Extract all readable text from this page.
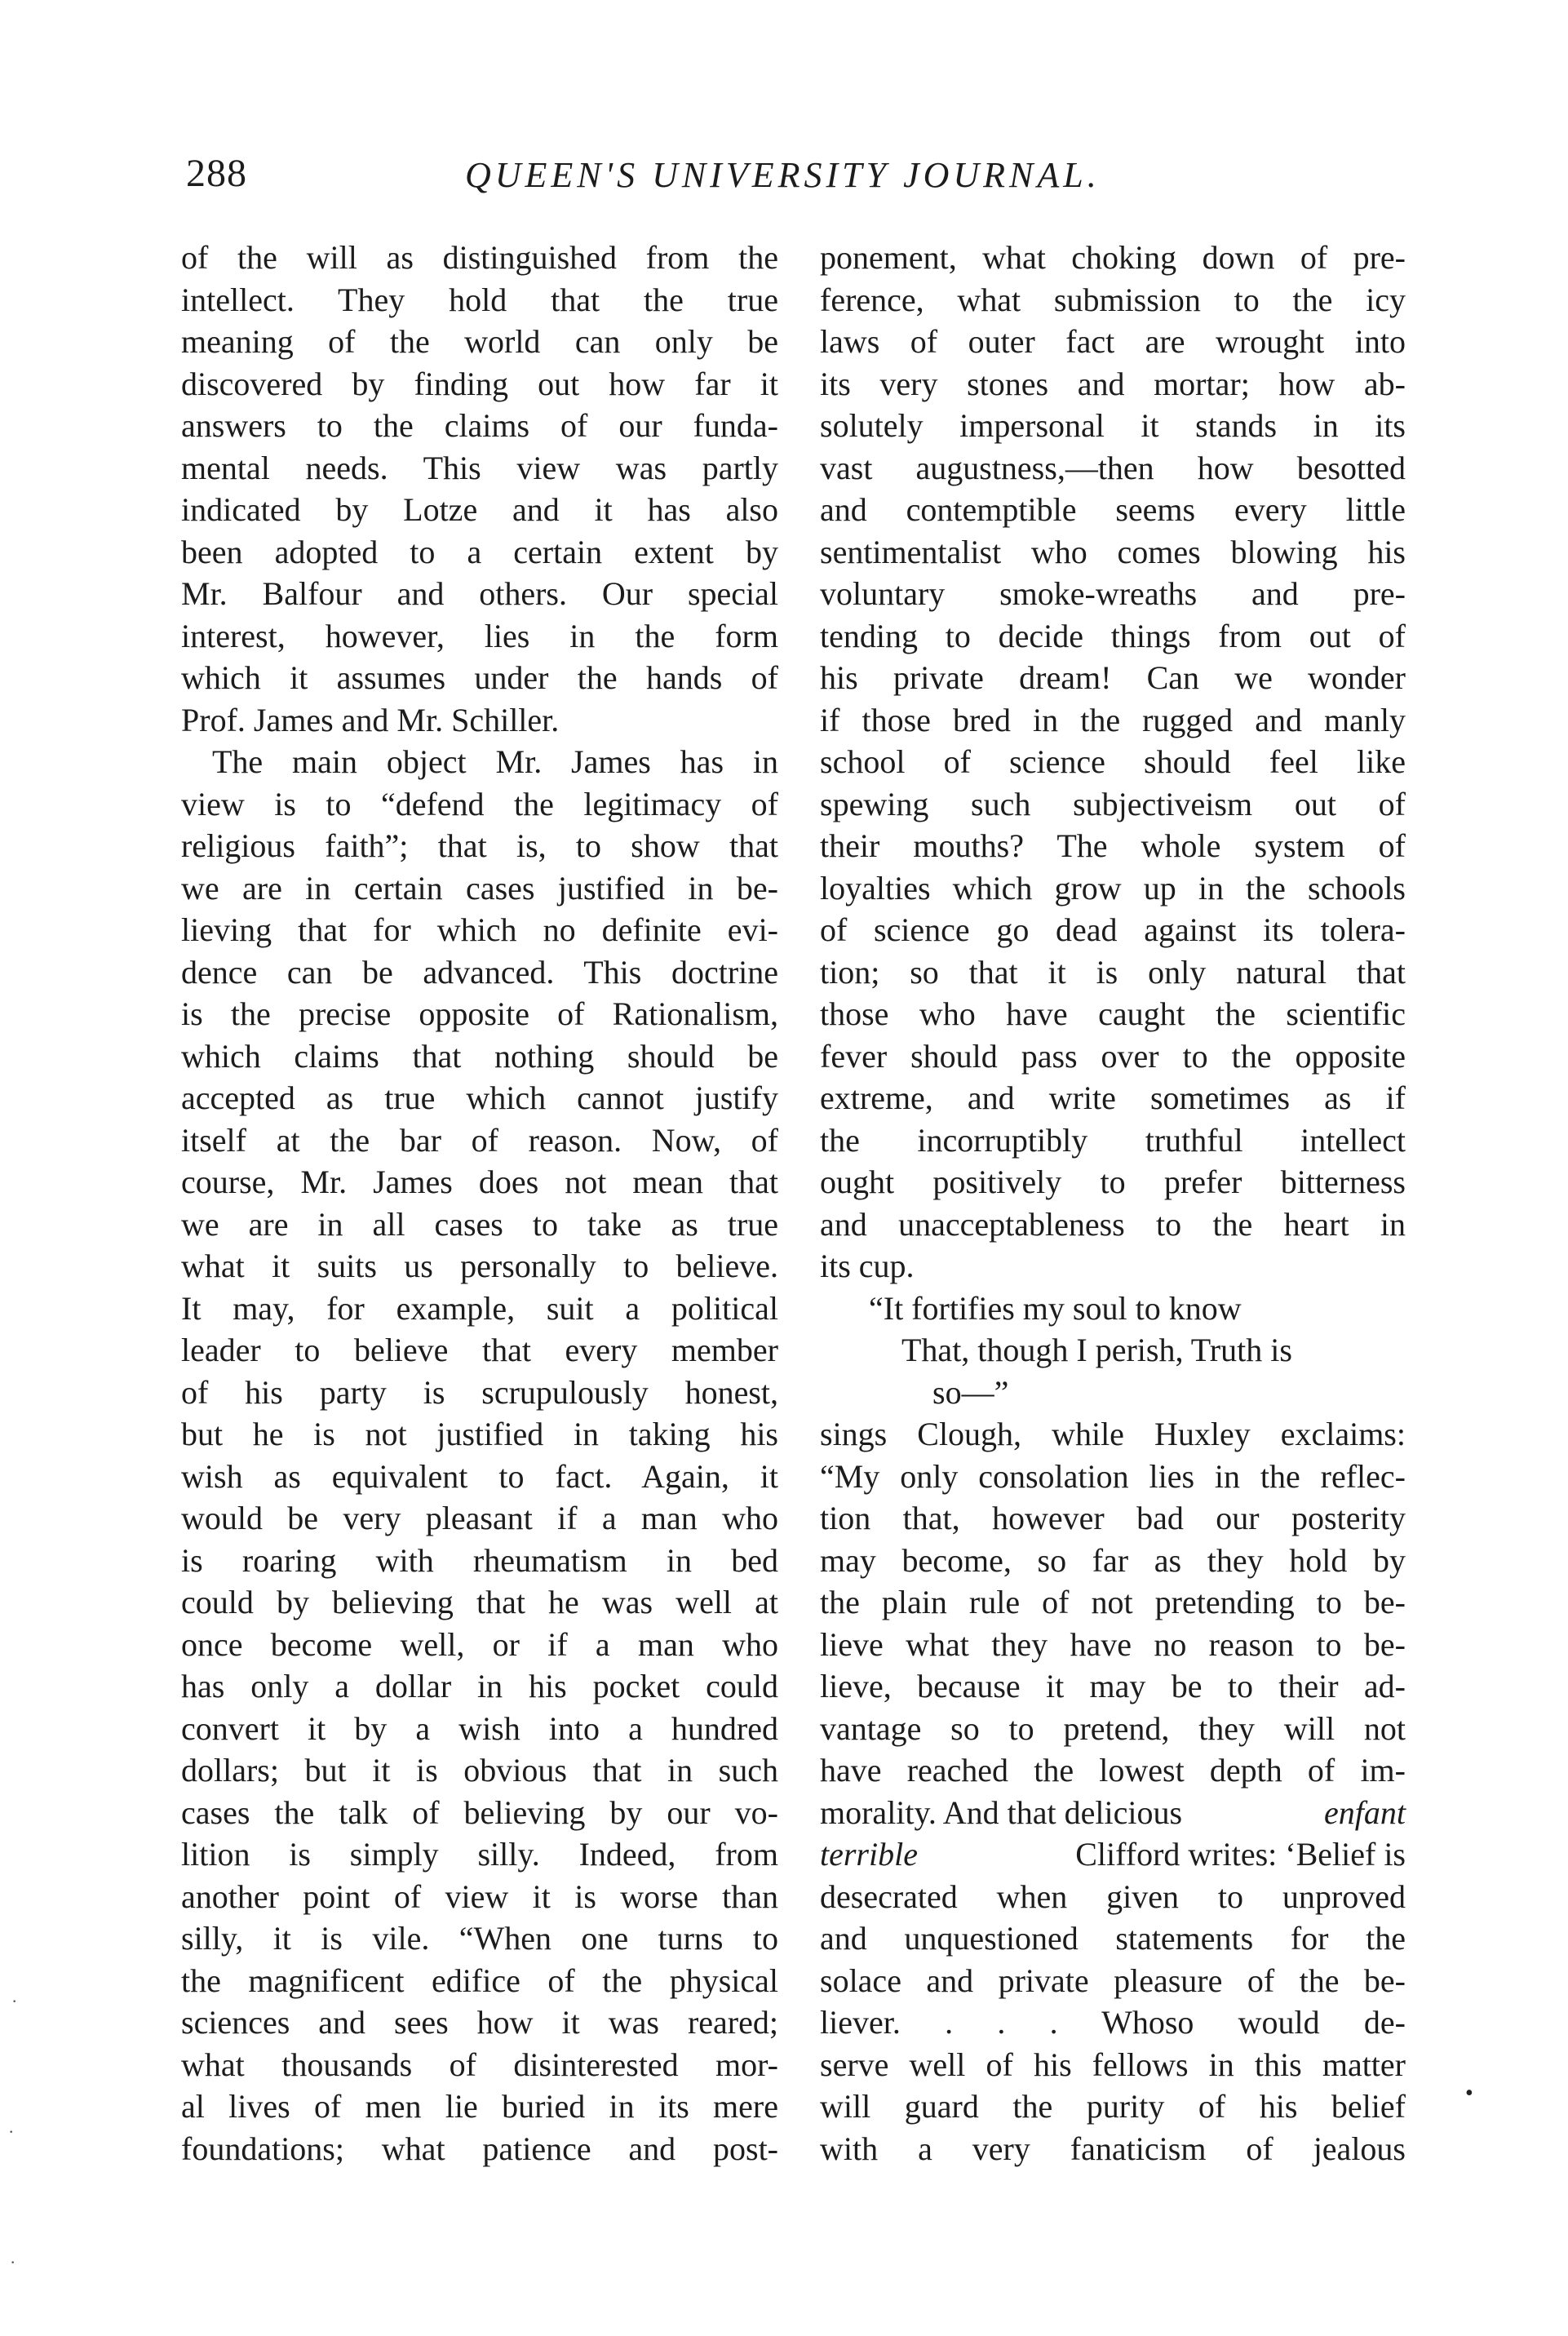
288	QUEEN'S UNIVERSITY JOURNAL.
of the will as distinguished from the
intellect. They hold that the true
meaning of the world can only be
discovered by finding out how far it
answers to the claims of our funda-
mental needs. This view was partly
indicated by Lotze and it has also
been adopted to a certain extent by
Mr. Balfour and others. Our special
interest, however, lies in the form
which it assumes under the hands of
Prof. James and Mr. Schiller.
The main object Mr. James has in
view is to “defend the legitimacy of
religious faith”; that is, to show that
we are in certain cases justified in be-
lieving that for which no definite evi-
dence can be advanced. This doctrine
is the precise opposite of Rationalism,
which claims that nothing should be
accepted as true which cannot justify
itself at the bar of reason. Now, of
course, Mr. James does not mean that
we are in all cases to take as true
what it suits us personally to believe.
It may, for example, suit a political
leader to believe that every member
of his party is scrupulously honest,
but he is not justified in taking his
wish as equivalent to fact. Again, it
would be very pleasant if a man who
is roaring with rheumatism in bed
could by believing that he was well at
once become well, or if a man who
has only a dollar in his pocket could
convert it by a wish into a hundred
dollars; but it is obvious that in such
cases the talk of believing by our vo-
lition is simply silly. Indeed, from
another point of view it is worse than
silly, it is vile. “When one turns to
the magnificent edifice of the physical
sciences and sees how it was reared;
what thousands of disinterested mor-
al lives of men lie buried in its mere
foundations; what patience and post-
ponement, what choking down of pre-
ference, what submission to the icy
laws of outer fact are wrought into
its very stones and mortar; how ab-
solutely impersonal it stands in its
vast augustness,—then how besotted
and contemptible seems every little
sentimentalist who comes blowing his
voluntary smoke-wreaths and pre-
tending to decide things from out of
his private dream! Can we wonder
if those bred in the rugged and manly
school of science should feel like
spewing such subjectiveism out of
their mouths? The whole system of
loyalties which grow up in the schools
of science go dead against its tolera-
tion; so that it is only natural that
those who have caught the scientific
fever should pass over to the opposite
extreme, and write sometimes as if
the incorruptibly truthful intellect
ought positively to prefer bitterness
and unacceptableness to the heart in
its cup.
“It fortifies my soul to know
That, though I perish, Truth is
so—”
sings Clough, while Huxley exclaims:
“My only consolation lies in the reflec-
tion that, however bad our posterity
may become, so far as they hold by
the plain rule of not pretending to be-
lieve what they have no reason to be-
lieve, because it may be to their ad-
vantage so to pretend, they will not
have reached the lowest depth of im-
morality. And that delicious	enfant
terrible	Clifford writes: ‘Belief is
desecrated when given to unproved
and unquestioned statements for the
solace and private pleasure of the be-
liever. . . . Whoso would de-
serve well of his fellows in this matter
will guard the purity of his belief
with a very fanaticism of jealous
·
·
·
•
